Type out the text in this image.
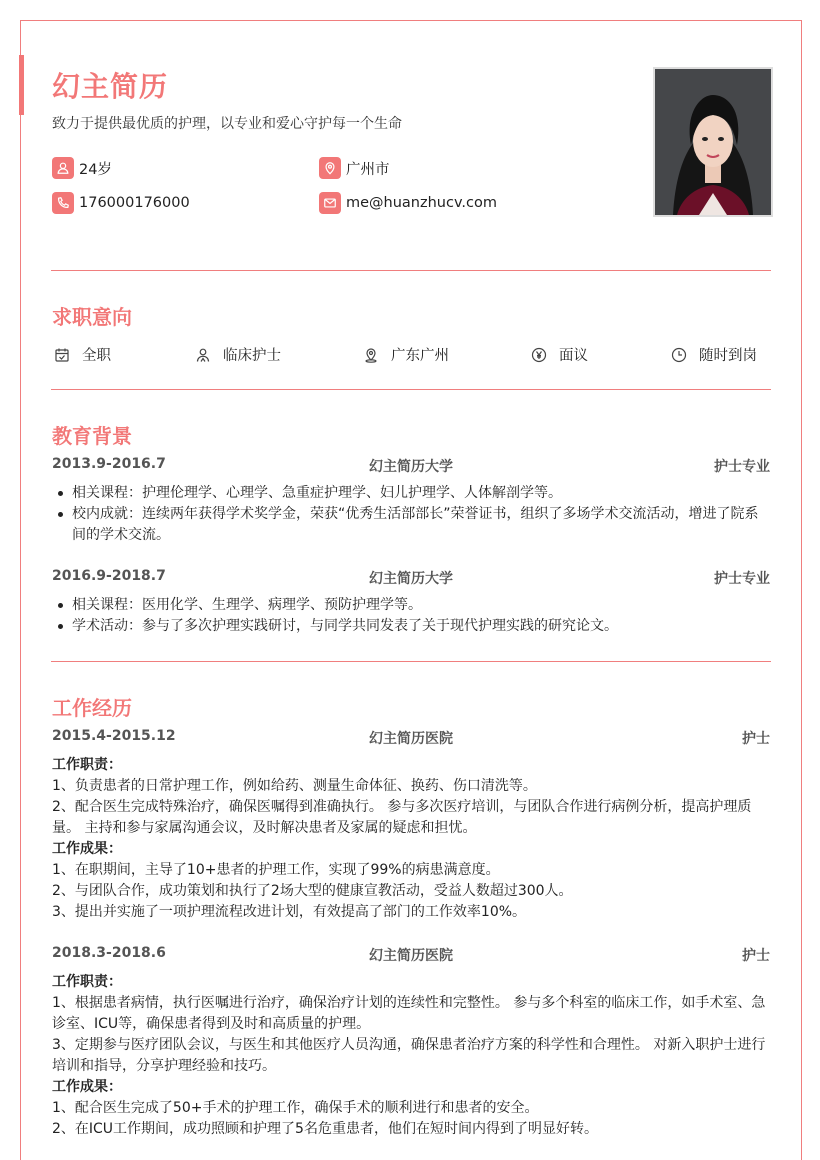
幻主简历
致力于提供最优质的护理，以专业和爱心守护每一个生命
24岁	广州市
176000176000	me@huanzhucv.com
求职意向
全职	临床护士	广东广州	面议	随时到岗
教育背景
2013.9-2016.7	幻主简历大学	护士专业
相关课程：护理伦理学、心理学、急重症护理学、妇儿护理学、人体解剖学等。
校内成就：连续两年获得学术奖学金，荣获“优秀生活部部长”荣誉证书，组织了多场学术交流活动，增进了院系间的学术交流。
2016.9-2018.7	幻主简历大学	护士专业
相关课程：医用化学、生理学、病理学、预防护理学等。
学术活动：参与了多次护理实践研讨，与同学共同发表了关于现代护理实践的研究论文。
工作经历
2015.4-2015.12	幻主简历医院	护士
工作职责：
1、负责患者的日常护理工作，例如给药、测量生命体征、换药、伤口清洗等。
2、配合医生完成特殊治疗，确保医嘱得到准确执行。 参与多次医疗培训，与团队合作进行病例分析，提高护理质量。 主持和参与家属沟通会议，及时解决患者及家属的疑虑和担忧。
工作成果：
1、在职期间，主导了10+患者的护理工作，实现了99%的病患满意度。
2、与团队合作，成功策划和执行了2场大型的健康宣教活动，受益人数超过300人。
3、提出并实施了一项护理流程改进计划，有效提高了部门的工作效率10%。
2018.3-2018.6	幻主简历医院	护士
工作职责：
1、根据患者病情，执行医嘱进行治疗，确保治疗计划的连续性和完整性。 参与多个科室的临床工作，如手术室、急诊室、ICU等，确保患者得到及时和高质量的护理。
3、定期参与医疗团队会议，与医生和其他医疗人员沟通，确保患者治疗方案的科学性和合理性。 对新入职护士进行培训和指导，分享护理经验和技巧。
工作成果：
1、配合医生完成了50+手术的护理工作，确保手术的顺利进行和患者的安全。
2、在ICU工作期间，成功照顾和护理了5名危重患者，他们在短时间内得到了明显好转。
